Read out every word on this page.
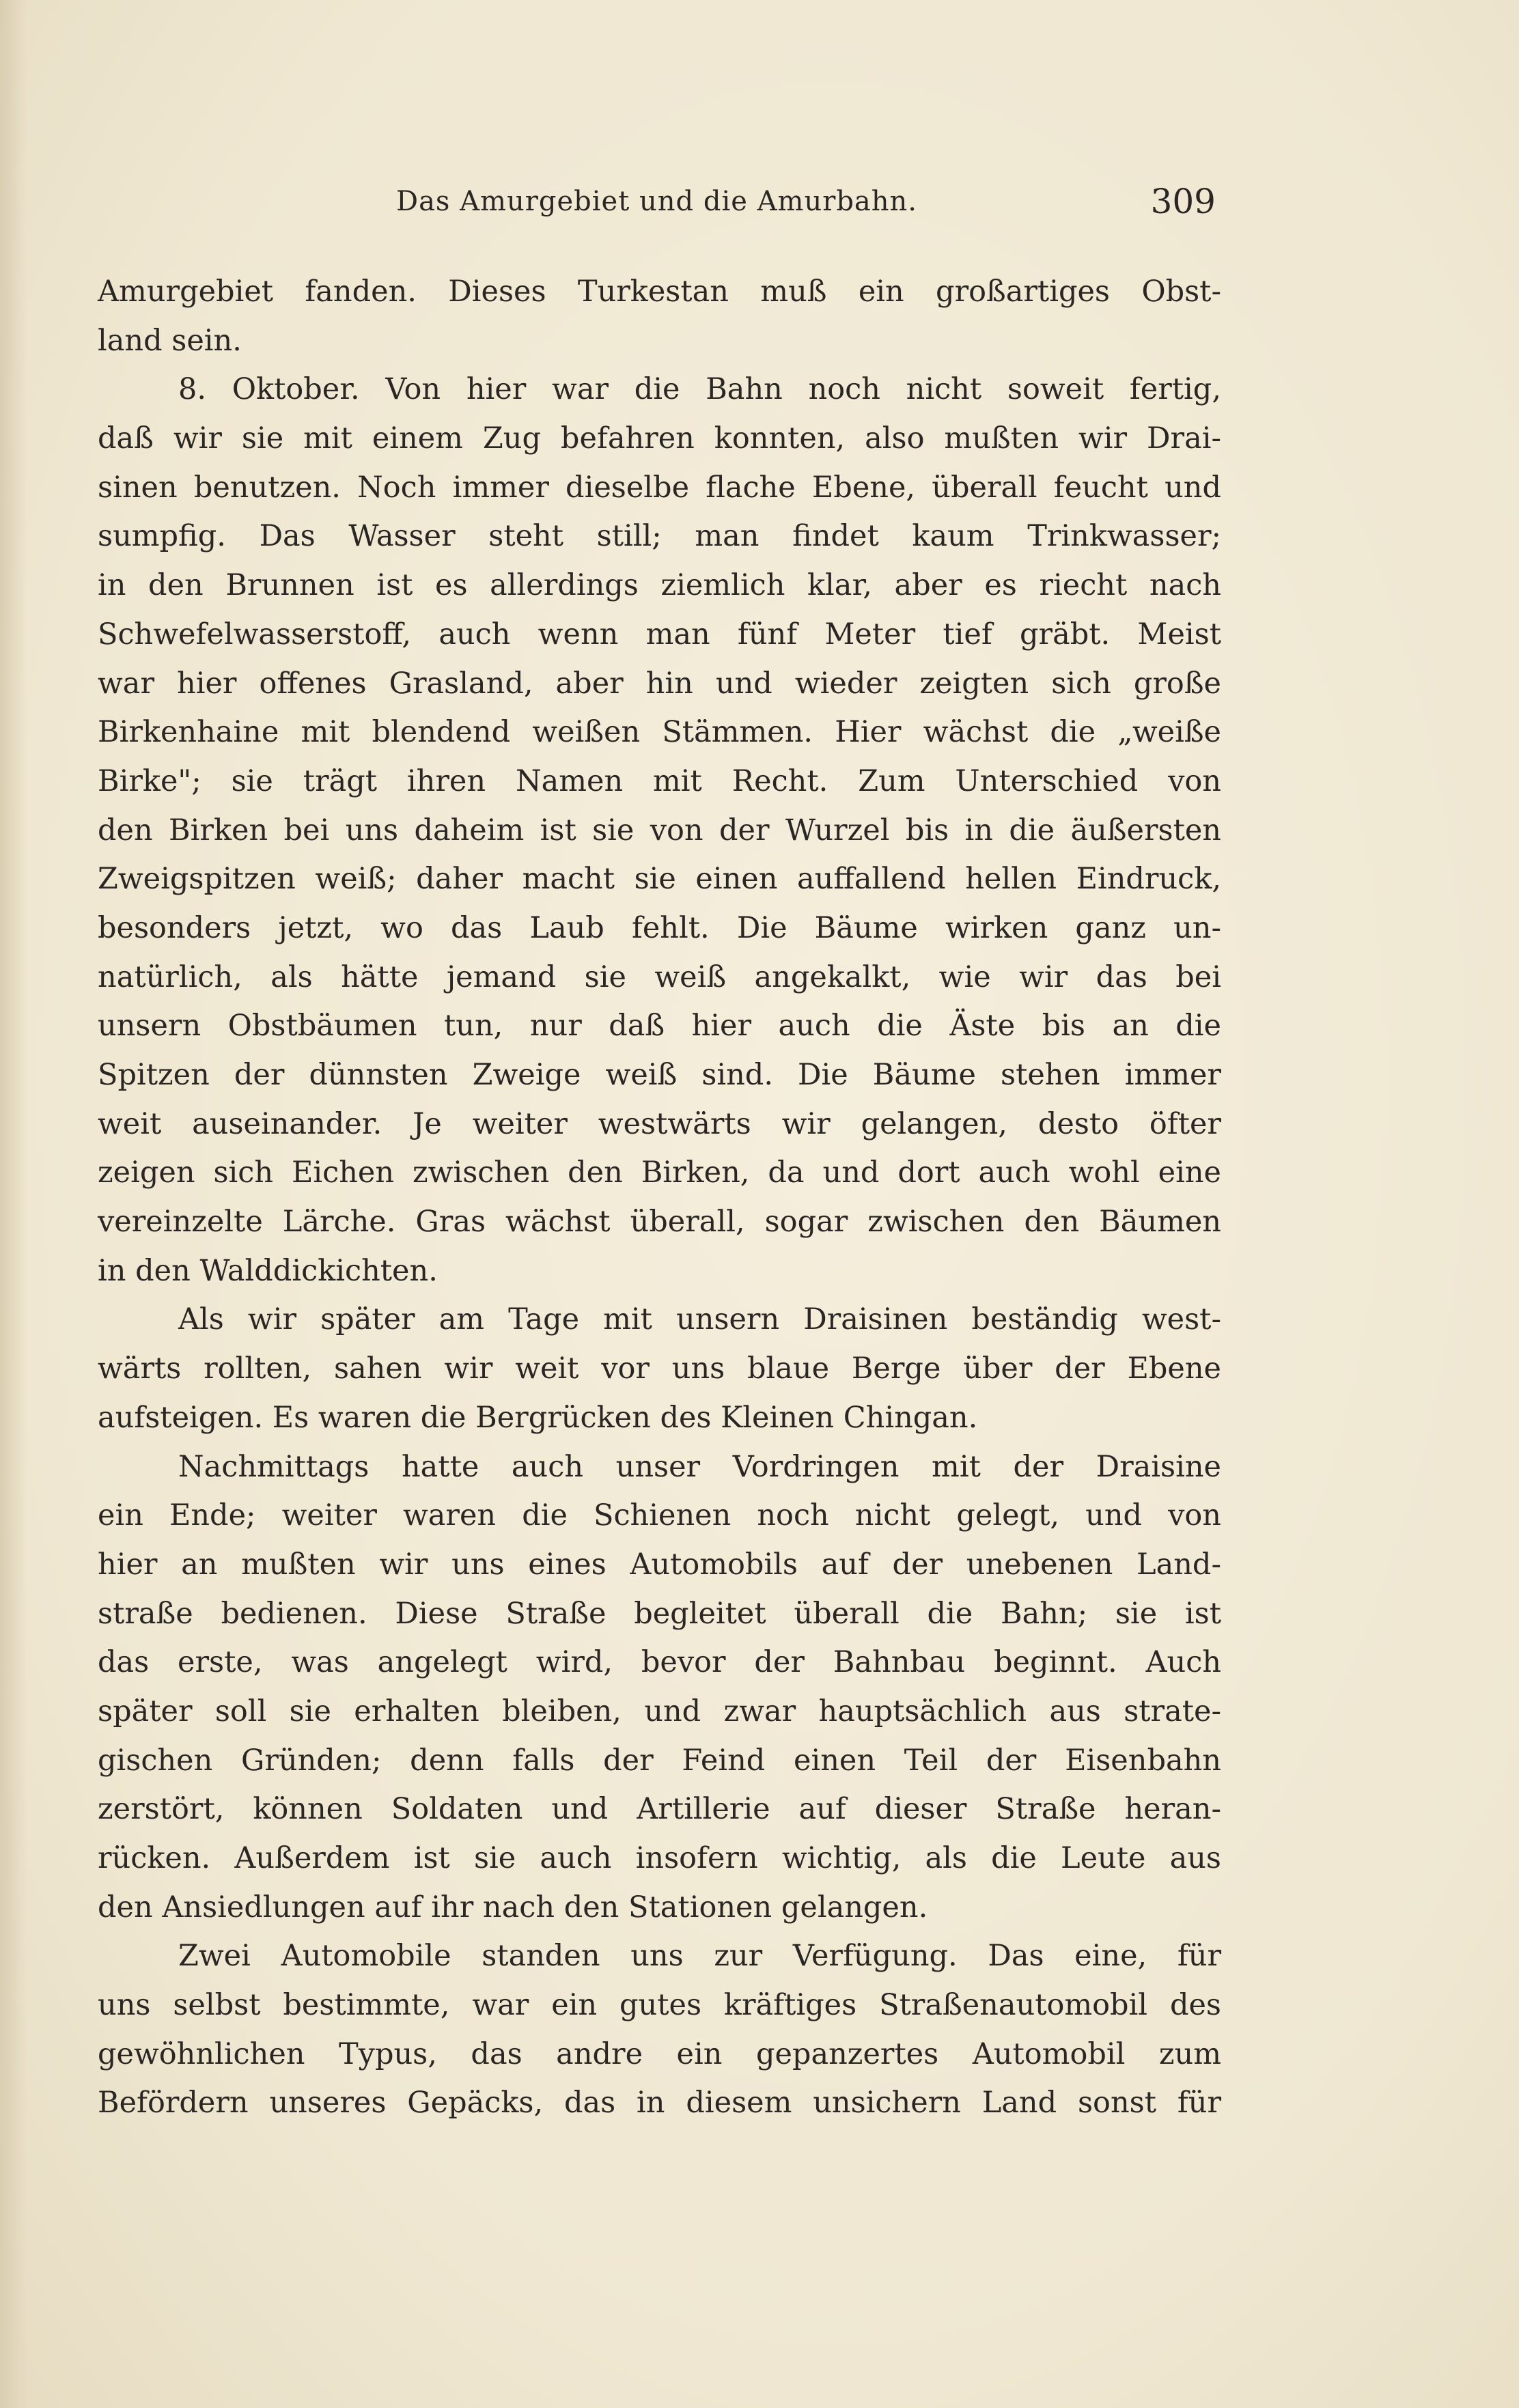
Das Amurgebiet und die Amurbahn.	309
Amurgebiet fanden. Dieses Turkestan muß ein großartiges Obst-
land sein.
8. Oktober. Von hier war die Bahn noch nicht soweit fertig,
daß wir sie mit einem Zug befahren konnten, also mußten wir Drai-
sinen benutzen. Noch immer dieselbe flache Ebene, überall feucht und
sumpfig. Das Wasser steht still; man findet kaum Trinkwasser;
in den Brunnen ist es allerdings ziemlich klar, aber es riecht nach
Schwefelwasserstoff, auch wenn man fünf Meter tief gräbt. Meist
war hier offenes Grasland, aber hin und wieder zeigten sich große
Birkenhaine mit blendend weißen Stämmen. Hier wächst die „weiße
Birke"; sie trägt ihren Namen mit Recht. Zum Unterschied von
den Birken bei uns daheim ist sie von der Wurzel bis in die äußersten
Zweigspitzen weiß; daher macht sie einen auffallend hellen Eindruck,
besonders jetzt, wo das Laub fehlt. Die Bäume wirken ganz un-
natürlich, als hätte jemand sie weiß angekalkt, wie wir das bei
unsern Obstbäumen tun, nur daß hier auch die Äste bis an die
Spitzen der dünnsten Zweige weiß sind. Die Bäume stehen immer
weit auseinander. Je weiter westwärts wir gelangen, desto öfter
zeigen sich Eichen zwischen den Birken, da und dort auch wohl eine
vereinzelte Lärche. Gras wächst überall, sogar zwischen den Bäumen
in den Walddickichten.
Als wir später am Tage mit unsern Draisinen beständig west-
wärts rollten, sahen wir weit vor uns blaue Berge über der Ebene
aufsteigen. Es waren die Bergrücken des Kleinen Chingan.
Nachmittags hatte auch unser Vordringen mit der Draisine
ein Ende; weiter waren die Schienen noch nicht gelegt, und von
hier an mußten wir uns eines Automobils auf der unebenen Land-
straße bedienen. Diese Straße begleitet überall die Bahn; sie ist
das erste, was angelegt wird, bevor der Bahnbau beginnt. Auch
später soll sie erhalten bleiben, und zwar hauptsächlich aus strate-
gischen Gründen; denn falls der Feind einen Teil der Eisenbahn
zerstört, können Soldaten und Artillerie auf dieser Straße heran-
rücken. Außerdem ist sie auch insofern wichtig, als die Leute aus
den Ansiedlungen auf ihr nach den Stationen gelangen.
Zwei Automobile standen uns zur Verfügung. Das eine, für
uns selbst bestimmte, war ein gutes kräftiges Straßenautomobil des
gewöhnlichen Typus, das andre ein gepanzertes Automobil zum
Befördern unseres Gepäcks, das in diesem unsichern Land sonst für
